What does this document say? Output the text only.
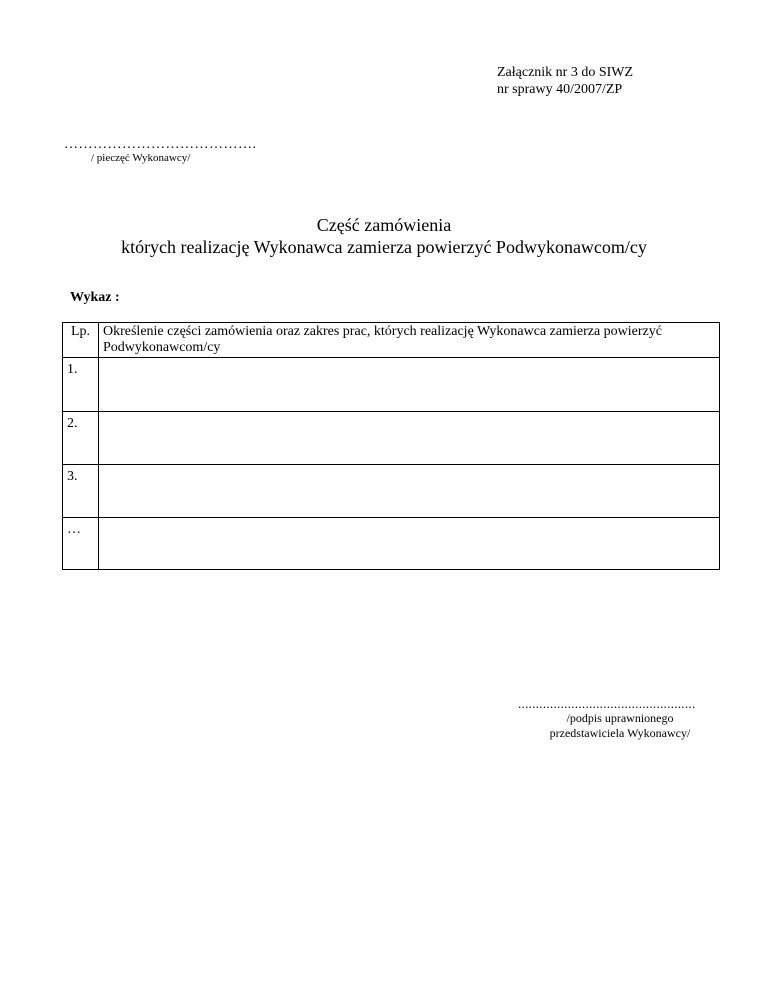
Załącznik nr 3 do SIWZ
nr sprawy 40/2007/ZP
………………………………….
/ pieczęć Wykonawcy/
Część zamówienia
których realizację Wykonawca zamierza powierzyć Podwykonawcom/cy
Wykaz :
Lp.	Określenie części zamówienia oraz zakres prac, których realizację Wykonawca zamierza powierzyć Podwykonawcom/cy
1.	
2.	
3.	
…	
..................................................
/podpis uprawnionego
przedstawiciela Wykonawcy/
